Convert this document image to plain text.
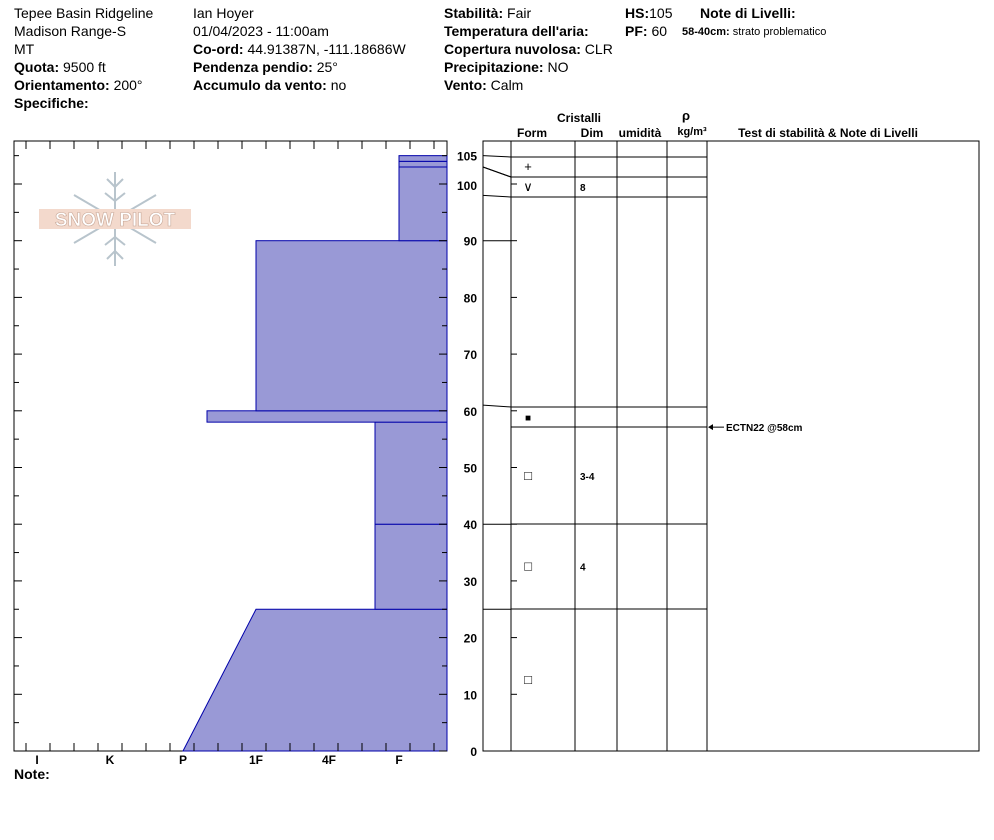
Tepee Basin Ridgeline
Madison Range-S
MT
Quota: 9500 ft
Orientamento: 200°
Specifiche:
Ian Hoyer
01/04/2023 - 11:00am
Co-ord: 44.91387N, -111.18686W
Pendenza pendio: 25°
Accumulo da vento: no
Stabilità: Fair
Temperatura dell'aria:
Copertura nuvolosa: CLR
Precipitazione: NO
Vento: Calm
HS:105
PF: 60
Note di Livelli:
58-40cm: strato problematico
SNOW PILOT
I	K	P	1F	4F	F
0
10
20
30
40
50
60
70
80
90
100
105
Cristalli
Form	Dim umidità
ρ
kg/m³	Test di stabilità & Note di Livelli
+
∨	8
■
□	3-4
□	4
□
ECTN22 @58cm
Note:
